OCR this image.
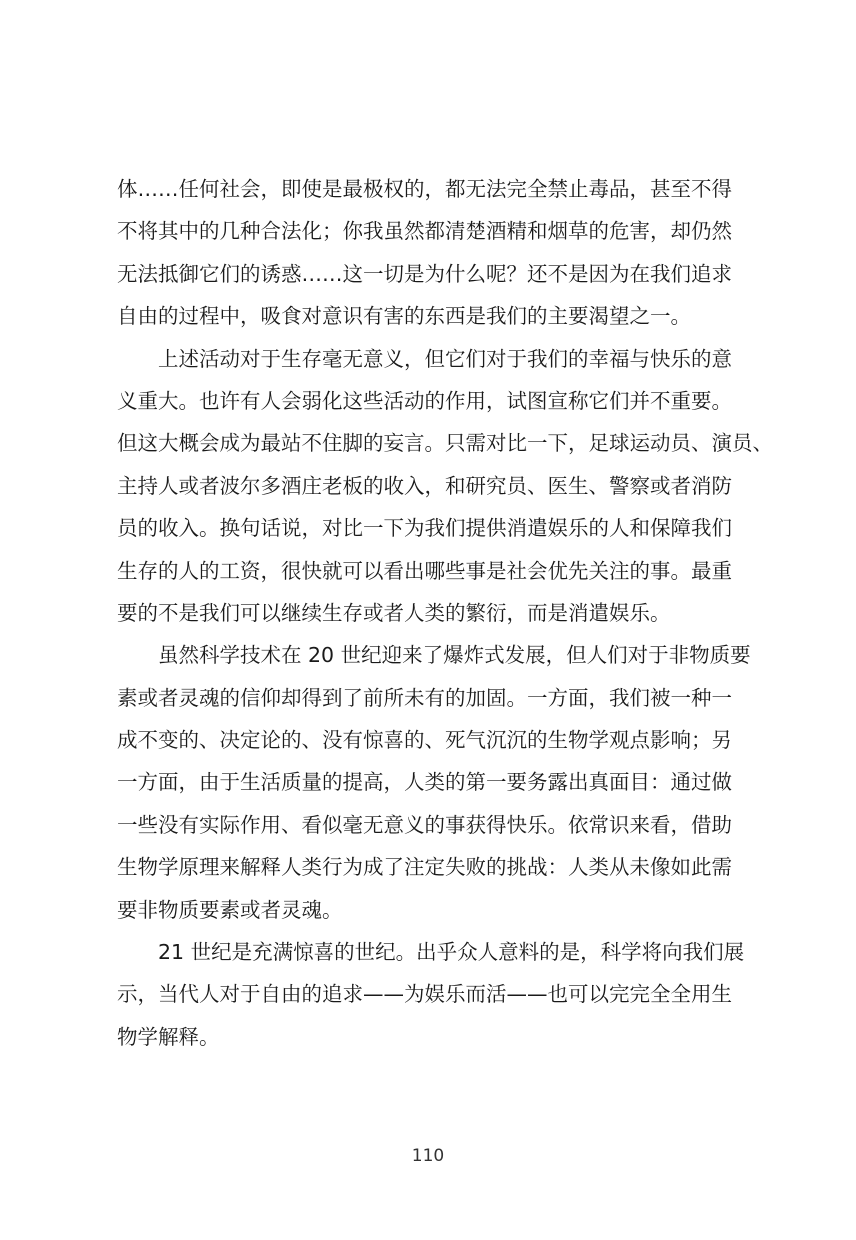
体……任何社会，即使是最极权的，都无法完全禁止毒品，甚至不得
不将其中的几种合法化；你我虽然都清楚酒精和烟草的危害，却仍然
无法抵御它们的诱惑……这一切是为什么呢？还不是因为在我们追求
自由的过程中，吸食对意识有害的东西是我们的主要渴望之一。
上述活动对于生存毫无意义，但它们对于我们的幸福与快乐的意
义重大。也许有人会弱化这些活动的作用，试图宣称它们并不重要。
但这大概会成为最站不住脚的妄言。只需对比一下，足球运动员、演员、
主持人或者波尔多酒庄老板的收入，和研究员、医生、警察或者消防
员的收入。换句话说，对比一下为我们提供消遣娱乐的人和保障我们
生存的人的工资，很快就可以看出哪些事是社会优先关注的事。最重
要的不是我们可以继续生存或者人类的繁衍，而是消遣娱乐。
虽然科学技术在 20 世纪迎来了爆炸式发展，但人们对于非物质要
素或者灵魂的信仰却得到了前所未有的加固。一方面，我们被一种一
成不变的、决定论的、没有惊喜的、死气沉沉的生物学观点影响；另
一方面，由于生活质量的提高，人类的第一要务露出真面目：通过做
一些没有实际作用、看似毫无意义的事获得快乐。依常识来看，借助
生物学原理来解释人类行为成了注定失败的挑战：人类从未像如此需
要非物质要素或者灵魂。
21 世纪是充满惊喜的世纪。出乎众人意料的是，科学将向我们展
示，当代人对于自由的追求——为娱乐而活——也可以完完全全用生
物学解释。
110
